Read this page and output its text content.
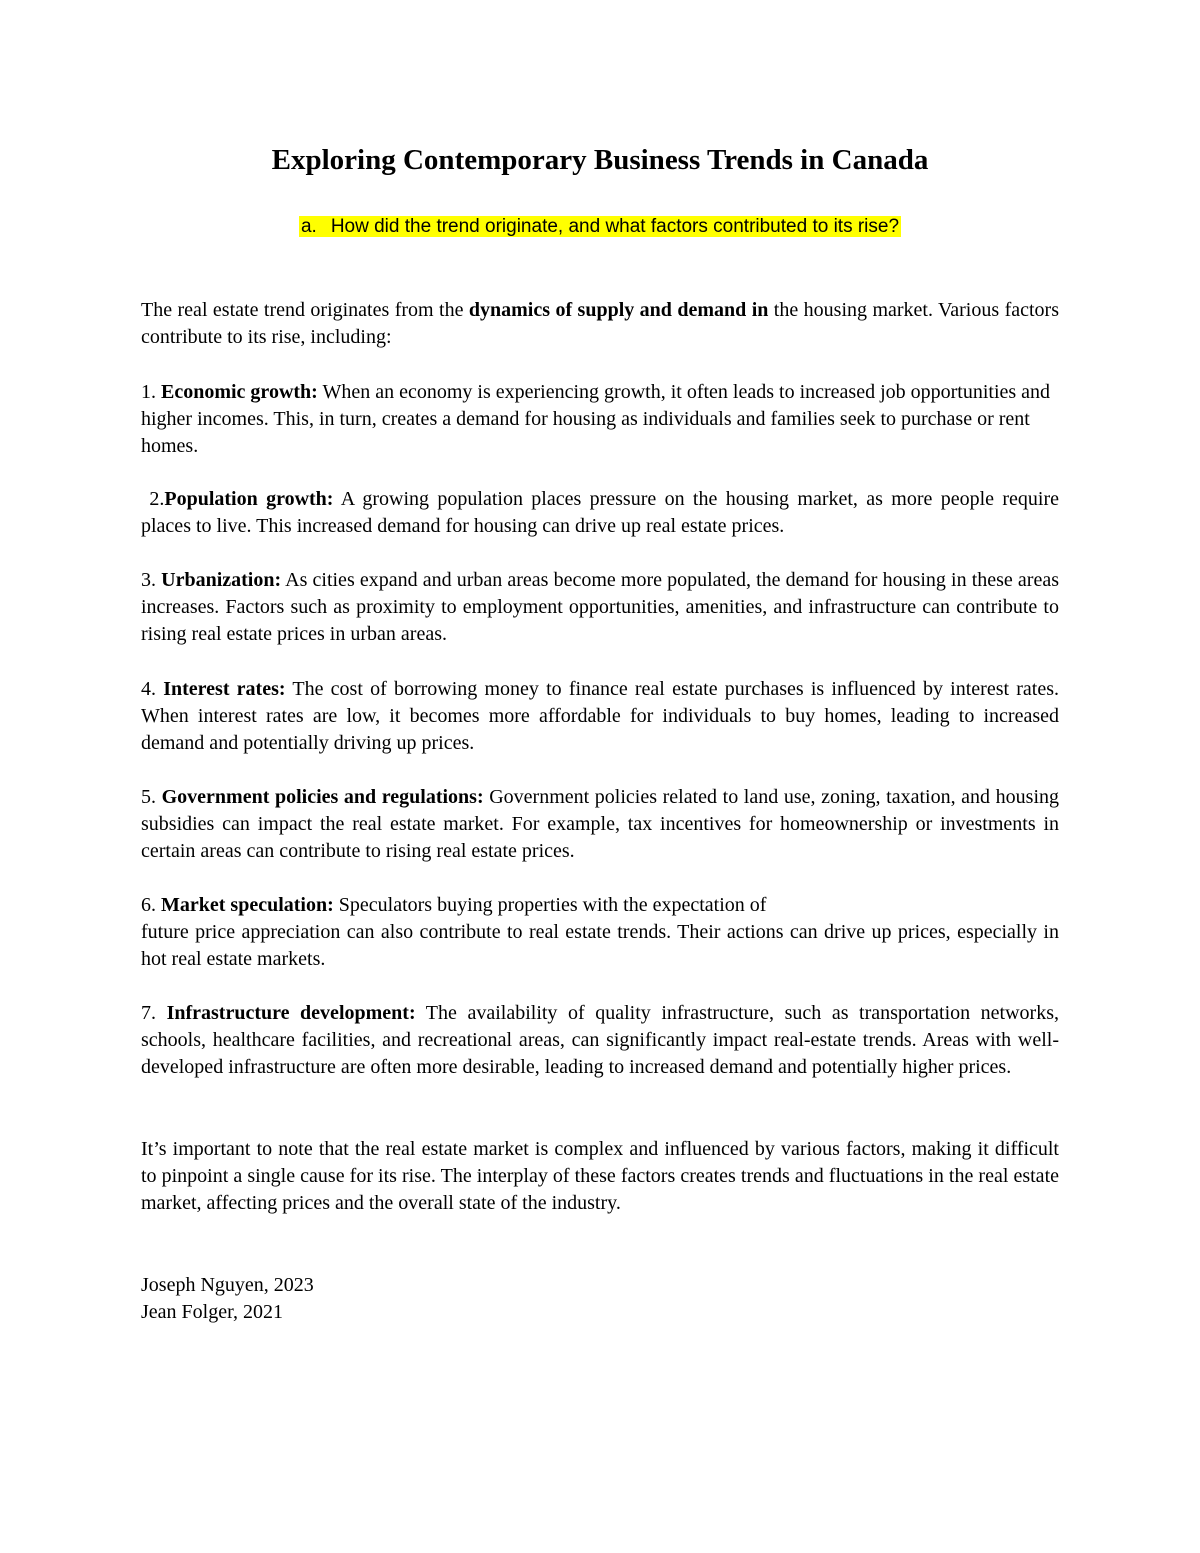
Exploring Contemporary Business Trends in Canada

a. How did the trend originate, and what factors contributed to its rise?

The real estate trend originates from the dynamics of supply and demand in the housing market. Various factors contribute to its rise, including:

1. Economic growth: When an economy is experiencing growth, it often leads to increased job opportunities and higher incomes. This, in turn, creates a demand for housing as individuals and families seek to purchase or rent homes.

2.Population growth: A growing population places pressure on the housing market, as more people require places to live. This increased demand for housing can drive up real estate prices.

3. Urbanization: As cities expand and urban areas become more populated, the demand for housing in these areas increases. Factors such as proximity to employment opportunities, amenities, and infrastructure can contribute to rising real estate prices in urban areas.

4. Interest rates: The cost of borrowing money to finance real estate purchases is influenced by interest rates. When interest rates are low, it becomes more affordable for individuals to buy homes, leading to increased demand and potentially driving up prices.

5. Government policies and regulations: Government policies related to land use, zoning, taxation, and housing subsidies can impact the real estate market. For example, tax incentives for homeownership or investments in certain areas can contribute to rising real estate prices.

6. Market speculation: Speculators buying properties with the expectation of
future price appreciation can also contribute to real estate trends. Their actions can drive up prices, especially in hot real estate markets.

7. Infrastructure development: The availability of quality infrastructure, such as transportation networks, schools, healthcare facilities, and recreational areas, can significantly impact real-estate trends. Areas with well-developed infrastructure are often more desirable, leading to increased demand and potentially higher prices.

It’s important to note that the real estate market is complex and influenced by various factors, making it difficult to pinpoint a single cause for its rise. The interplay of these factors creates trends and fluctuations in the real estate market, affecting prices and the overall state of the industry.

Joseph Nguyen, 2023
Jean Folger, 2021
